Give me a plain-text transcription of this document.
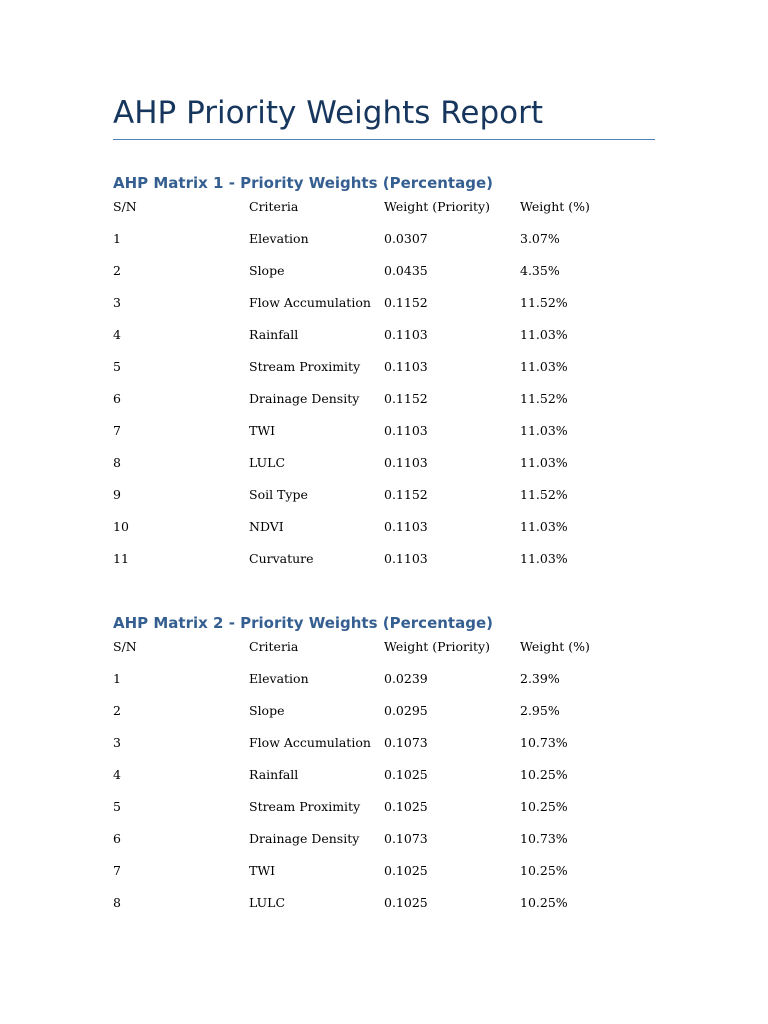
AHP Priority Weights Report
AHP Matrix 1 - Priority Weights (Percentage)
S/N	Criteria	Weight (Priority) Weight (%)
1	Elevation	0.0307	3.07%
2	Slope	0.0435	4.35%
3	Flow Accumulation 0.1152	11.52%
4	Rainfall	0.1103	11.03%
5	Stream Proximity 0.1103	11.03%
6	Drainage Density 0.1152	11.52%
7	TWI	0.1103	11.03%
8	LULC	0.1103	11.03%
9	Soil Type	0.1152	11.52%
10	NDVI	0.1103	11.03%
11	Curvature	0.1103	11.03%
AHP Matrix 2 - Priority Weights (Percentage)
S/N	Criteria	Weight (Priority) Weight (%)
1	Elevation	0.0239	2.39%
2	Slope	0.0295	2.95%
3	Flow Accumulation 0.1073	10.73%
4	Rainfall	0.1025	10.25%
5	Stream Proximity 0.1025	10.25%
6	Drainage Density 0.1073	10.73%
7	TWI	0.1025	10.25%
8	LULC	0.1025	10.25%
